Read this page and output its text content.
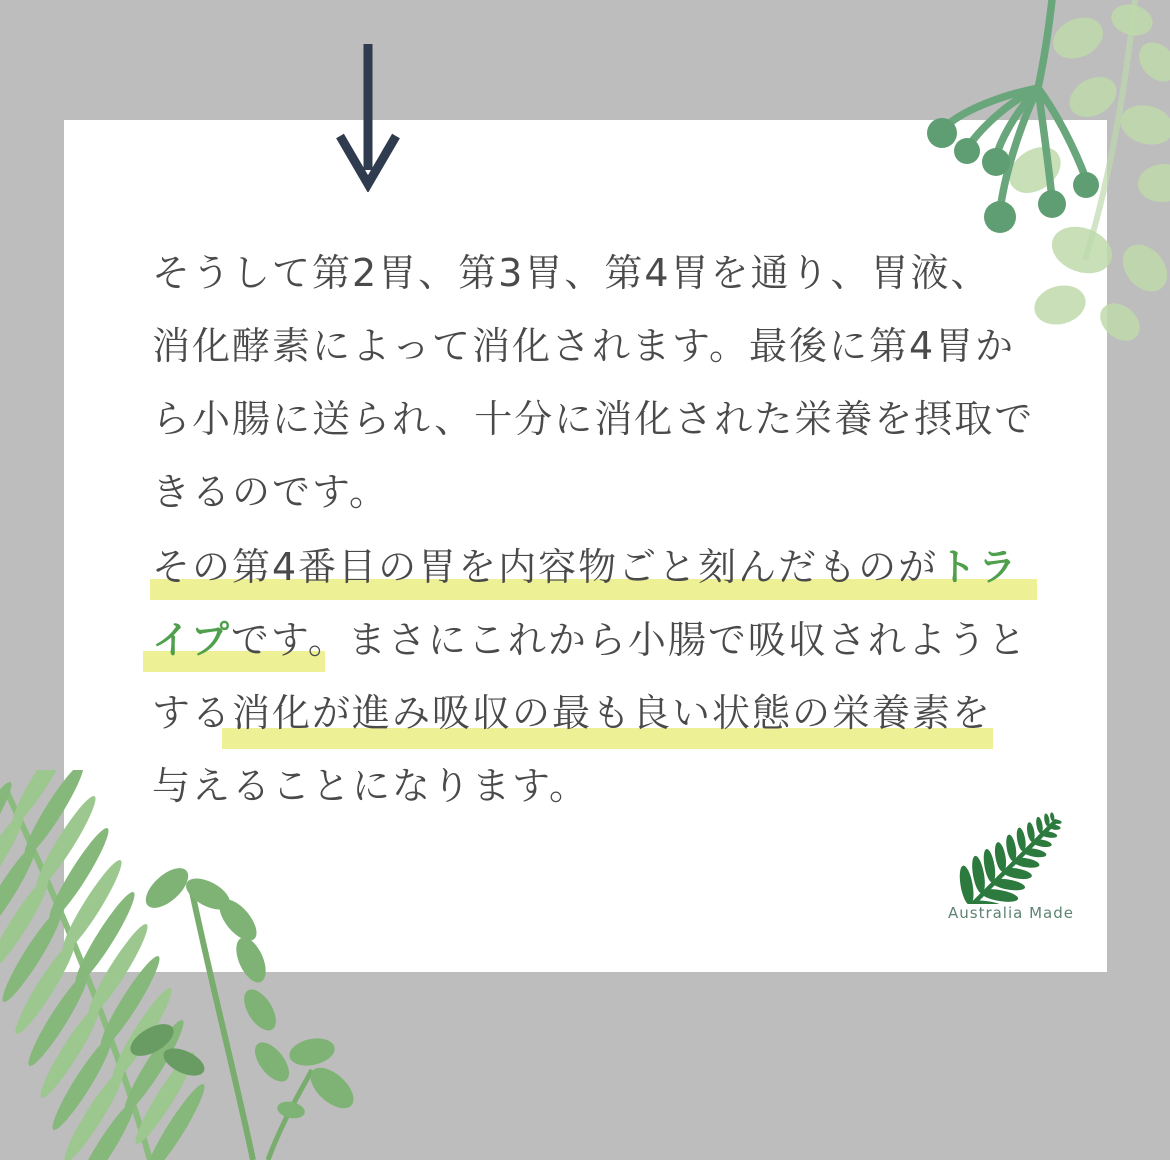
そうして第2胃、第3胃、第4胃を通り、胃液、
消化酵素によって消化されます。最後に第4胃か
ら小腸に送られ、十分に消化された栄養を摂取で
きるのです。
その第4番目の胃を内容物ごと刻んだものがトラ
イプです。まさにこれから小腸で吸収されようと
する消化が進み吸収の最も良い状態の栄養素を
与えることになります。
Australia Made
